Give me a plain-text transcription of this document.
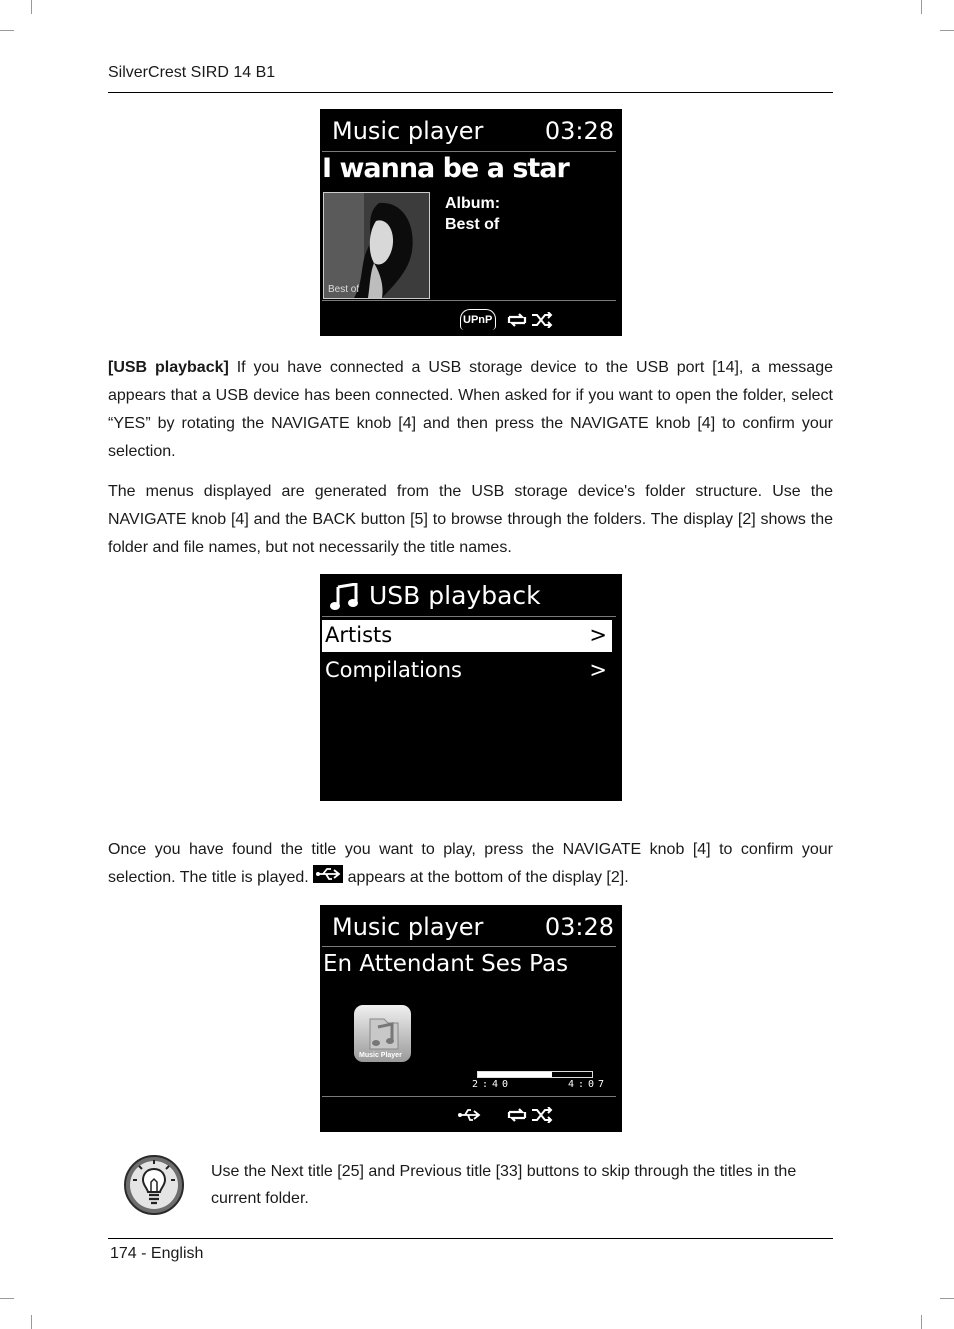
SilverCrest SIRD 14 B1
Music player	03:28
I wanna be a star
Best of
Album:
Best of
UPnP
[USB playback] If you have connected a USB storage device to the USB port [14], a message appears that a USB device has been connected. When asked for if you want to open the folder, select “YES” by rotating the NAVIGATE knob [4] and then press the NAVIGATE knob [4] to confirm your selection.
The menus displayed are generated from the USB storage device's folder structure. Use the NAVIGATE knob [4] and the BACK button [5] to browse through the folders. The display [2] shows the folder and file names, but not necessarily the title names.
USB playback
Artists	>
Compilations	>
Once you have found the title you want to play, press the NAVIGATE knob [4] to confirm your selection. The title is played.  appears at the bottom of the display [2].
Music player	03:28
En Attendant Ses Pas
Music Player
2:40	4:07
Use the Next title [25] and Previous title [33] buttons to skip through the titles in the current folder.
174 - English
